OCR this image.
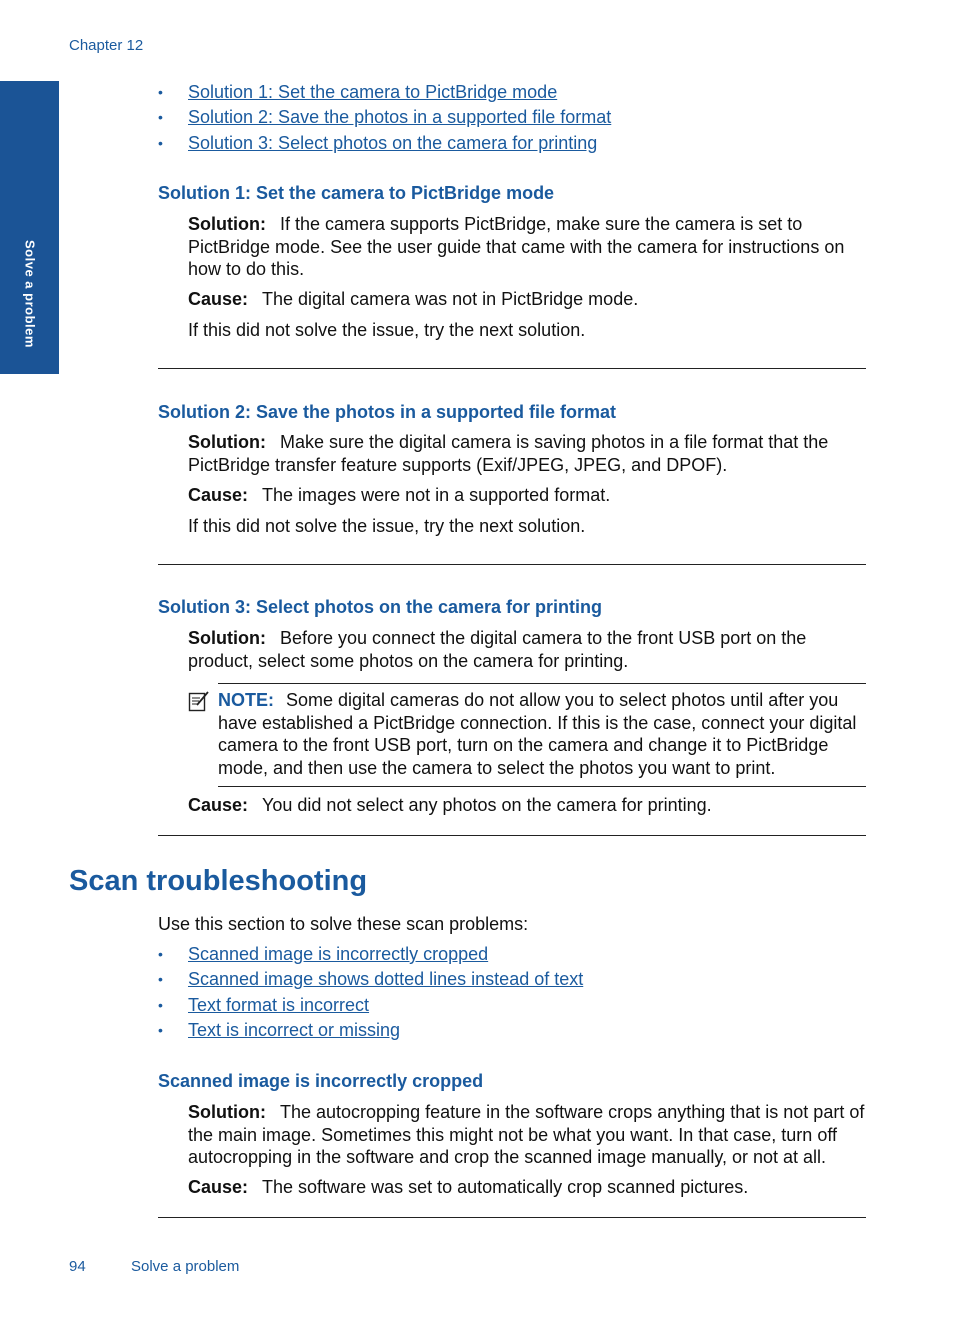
Chapter 12
Solve a problem
• Solution 1: Set the camera to PictBridge mode
• Solution 2: Save the photos in a supported file format
• Solution 3: Select photos on the camera for printing
Solution 1: Set the camera to PictBridge mode

Solution: If the camera supports PictBridge, make sure the camera is set to PictBridge mode. See the user guide that came with the camera for instructions on how to do this.

Cause: The digital camera was not in PictBridge mode.

If this did not solve the issue, try the next solution.

Solution 2: Save the photos in a supported file format

Solution: Make sure the digital camera is saving photos in a file format that the PictBridge transfer feature supports (Exif/JPEG, JPEG, and DPOF).

Cause: The images were not in a supported format.

If this did not solve the issue, try the next solution.

Solution 3: Select photos on the camera for printing

Solution: Before you connect the digital camera to the front USB port on the product, select some photos on the camera for printing.

NOTE: Some digital cameras do not allow you to select photos until after you have established a PictBridge connection. If this is the case, connect your digital camera to the front USB port, turn on the camera and change it to PictBridge mode, and then use the camera to select the photos you want to print.

Cause: You did not select any photos on the camera for printing.

Scan troubleshooting

Use this section to solve these scan problems:

• Scanned image is incorrectly cropped
• Scanned image shows dotted lines instead of text
• Text format is incorrect
• Text is incorrect or missing
Scanned image is incorrectly cropped

Solution: The autocropping feature in the software crops anything that is not part of the main image. Sometimes this might not be what you want. In that case, turn off autocropping in the software and crop the scanned image manually, or not at all.

Cause: The software was set to automatically crop scanned pictures.

94	Solve a problem
